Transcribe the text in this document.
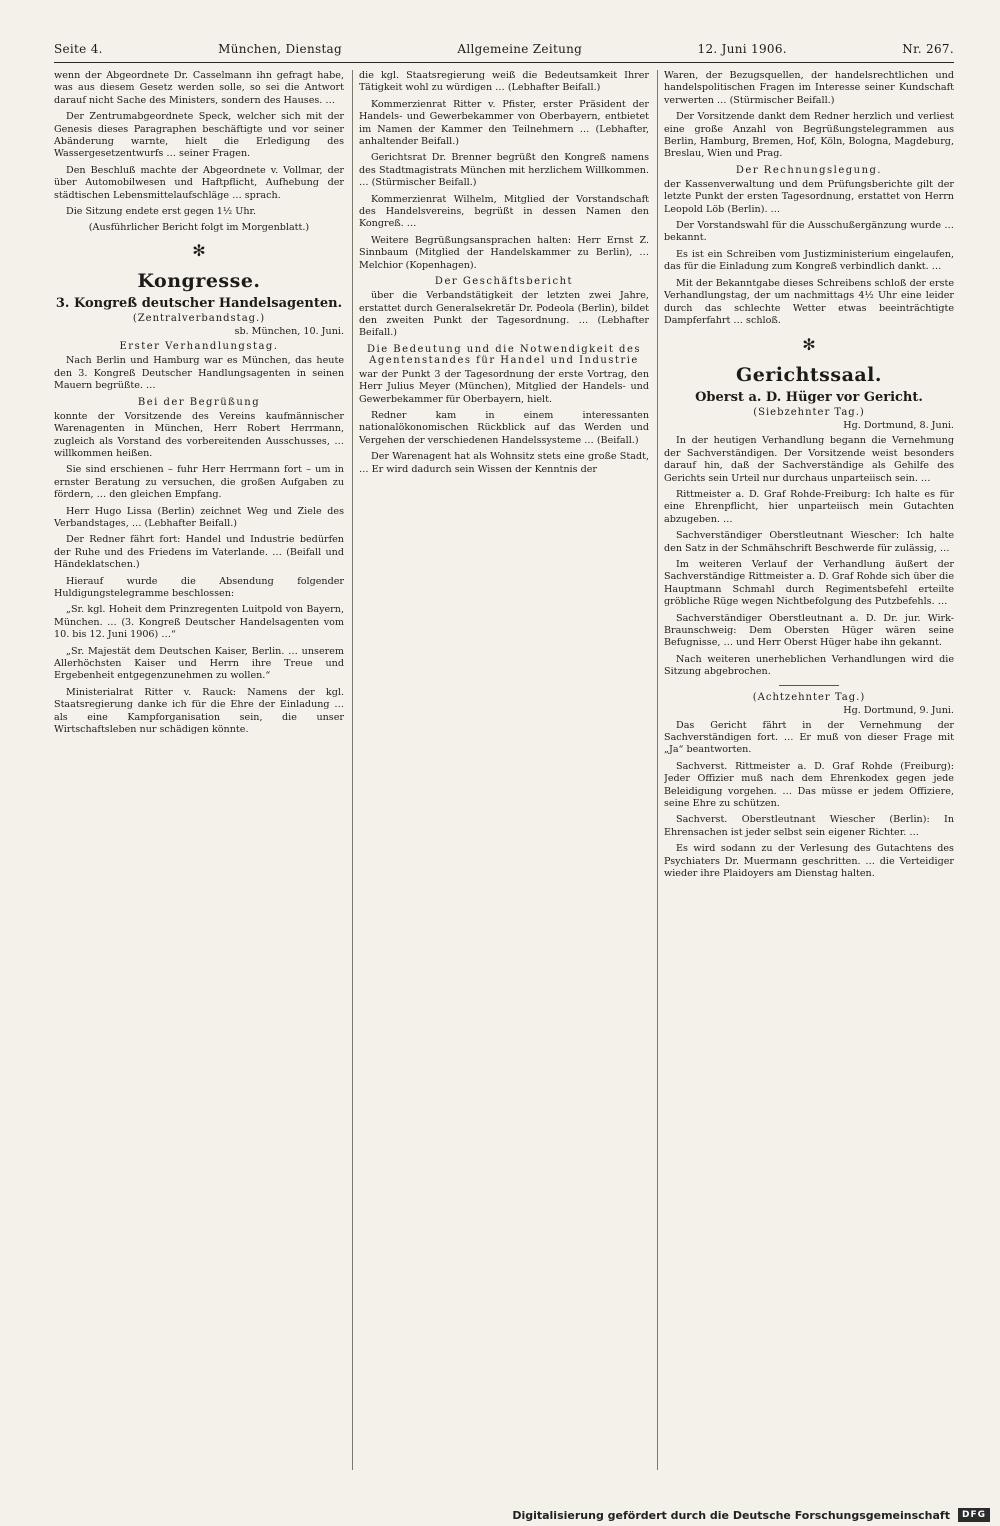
Seite 4.	München, Dienstag	Allgemeine Zeitung	12. Juni 1906.	Nr. 267.

wenn der Abgeordnete Dr. Casselmann ihn gefragt habe, was aus diesem Gesetz werden solle, so sei die Antwort darauf nicht Sache des Ministers, sondern des Hauses. …

Der Zentrumabgeordnete Speck, welcher sich mit der Genesis dieses Paragraphen beschäftigte und vor seiner Abänderung warnte, hielt die Erledigung des Wassergesetzentwurfs … seiner Fragen.

Den Beschluß machte der Abgeordnete v. Vollmar, der über Automobilwesen und Haftpflicht, Aufhebung der städtischen Lebensmittelaufschläge … sprach.

Die Sitzung endete erst gegen 1½ Uhr.

(Ausführlicher Bericht folgt im Morgenblatt.)
✻
Kongresse.
3. Kongreß deutscher Handelsagenten.
(Zentralverbandstag.)
sb. München, 10. Juni.
Erster Verhandlungstag.

Nach Berlin und Hamburg war es München, das heute den 3. Kongreß Deutscher Handlungsagenten in seinen Mauern begrüßte. …

Bei der Begrüßung

konnte der Vorsitzende des Vereins kaufmännischer Warenagenten in München, Herr Robert Herrmann, zugleich als Vorstand des vorbereitenden Ausschusses, … willkommen heißen.

Sie sind erschienen – fuhr Herr Herrmann fort – um in ernster Beratung zu versuchen, die großen Aufgaben zu fördern, … den gleichen Empfang.

Herr Hugo Lissa (Berlin) zeichnet Weg und Ziele des Verbandstages, … (Lebhafter Beifall.)

Der Redner fährt fort: Handel und Industrie bedürfen der Ruhe und des Friedens im Vaterlande. … (Beifall und Händeklatschen.)

Hierauf wurde die Absendung folgender Huldigungstelegramme beschlossen:

„Sr. kgl. Hoheit dem Prinzregenten Luitpold von Bayern, München. … (3. Kongreß Deutscher Handelsagenten vom 10. bis 12. Juni 1906) …“

„Sr. Majestät dem Deutschen Kaiser, Berlin. … unserem Allerhöchsten Kaiser und Herrn ihre Treue und Ergebenheit entgegenzunehmen zu wollen.“

Ministerialrat Ritter v. Rauck: Namens der kgl. Staatsregierung danke ich für die Ehre der Einladung … als eine Kampforganisation sein, die unser Wirtschaftsleben nur schädigen könnte.

die kgl. Staatsregierung weiß die Bedeutsamkeit Ihrer Tätigkeit wohl zu würdigen … (Lebhafter Beifall.)

Kommerzienrat Ritter v. Pfister, erster Präsident der Handels- und Gewerbekammer von Oberbayern, entbietet im Namen der Kammer den Teilnehmern … (Lebhafter, anhaltender Beifall.)

Gerichtsrat Dr. Brenner begrüßt den Kongreß namens des Stadtmagistrats München mit herzlichem Willkommen. … (Stürmischer Beifall.)

Kommerzienrat Wilhelm, Mitglied der Vorstandschaft des Handelsvereins, begrüßt in dessen Namen den Kongreß. …

Weitere Begrüßungsansprachen halten: Herr Ernst Z. Sinnbaum (Mitglied der Handelskammer zu Berlin), … Melchior (Kopenhagen).

Der Geschäftsbericht

über die Verbandstätigkeit der letzten zwei Jahre, erstattet durch Generalsekretär Dr. Podeola (Berlin), bildet den zweiten Punkt der Tagesordnung. … (Lebhafter Beifall.)

Die Bedeutung und die Notwendigkeit des Agentenstandes für Handel und Industrie

war der Punkt 3 der Tagesordnung der erste Vortrag, den Herr Julius Meyer (München), Mitglied der Handels- und Gewerbekammer für Oberbayern, hielt.

Redner kam in einem interessanten nationalökonomischen Rückblick auf das Werden und Vergehen der verschiedenen Handelssysteme … (Beifall.)

Der Warenagent hat als Wohnsitz stets eine große Stadt, … Er wird dadurch sein Wissen der Kenntnis der

Waren, der Bezugsquellen, der handelsrechtlichen und handelspolitischen Fragen im Interesse seiner Kundschaft verwerten … (Stürmischer Beifall.)

Der Vorsitzende dankt dem Redner herzlich und verliest eine große Anzahl von Begrüßungstelegrammen aus Berlin, Hamburg, Bremen, Hof, Köln, Bologna, Magdeburg, Breslau, Wien und Prag.

Der Rechnungslegung.

der Kassenverwaltung und dem Prüfungsberichte gilt der letzte Punkt der ersten Tagesordnung, erstattet von Herrn Leopold Löb (Berlin). …

Der Vorstandswahl für die Ausschußergänzung wurde … bekannt.

Es ist ein Schreiben vom Justizministerium eingelaufen, das für die Einladung zum Kongreß verbindlich dankt. …

Mit der Bekanntgabe dieses Schreibens schloß der erste Verhandlungstag, der um nachmittags 4½ Uhr eine leider durch das schlechte Wetter etwas beeinträchtigte Dampferfahrt … schloß.

✻
Gerichtssaal.
Oberst a. D. Hüger vor Gericht.
(Siebzehnter Tag.)
Hg. Dortmund, 8. Juni.

In der heutigen Verhandlung begann die Vernehmung der Sachverständigen. Der Vorsitzende weist besonders darauf hin, daß der Sachverständige als Gehilfe des Gerichts sein Urteil nur durchaus unparteiisch sein. …

Rittmeister a. D. Graf Rohde-Freiburg: Ich halte es für eine Ehrenpflicht, hier unparteiisch mein Gutachten abzugeben. …

Sachverständiger Oberstleutnant Wiescher: Ich halte den Satz in der Schmähschrift Beschwerde für zulässig, …

Im weiteren Verlauf der Verhandlung äußert der Sachverständige Rittmeister a. D. Graf Rohde sich über die Hauptmann Schmahl durch Regimentsbefehl erteilte gröbliche Rüge wegen Nichtbefolgung des Putzbefehls. …

Sachverständiger Oberstleutnant a. D. Dr. jur. Wirk-Braunschweig: Dem Obersten Hüger wären seine Befugnisse, … und Herr Oberst Hüger habe ihn gekannt.

Nach weiteren unerheblichen Verhandlungen wird die Sitzung abgebrochen.

(Achtzehnter Tag.)
Hg. Dortmund, 9. Juni.

Das Gericht fährt in der Vernehmung der Sachverständigen fort. … Er muß von dieser Frage mit „Ja“ beantworten.

Sachverst. Rittmeister a. D. Graf Rohde (Freiburg): Jeder Offizier muß nach dem Ehrenkodex gegen jede Beleidigung vorgehen. … Das müsse er jedem Offiziere, seine Ehre zu schützen.

Sachverst. Oberstleutnant Wiescher (Berlin): In Ehrensachen ist jeder selbst sein eigener Richter. …

Es wird sodann zu der Verlesung des Gutachtens des Psychiaters Dr. Muermann geschritten. … die Verteidiger wieder ihre Plaidoyers am Dienstag halten.

Digitalisierung gefördert durch die Deutsche Forschungsgemeinschaft	DFG
